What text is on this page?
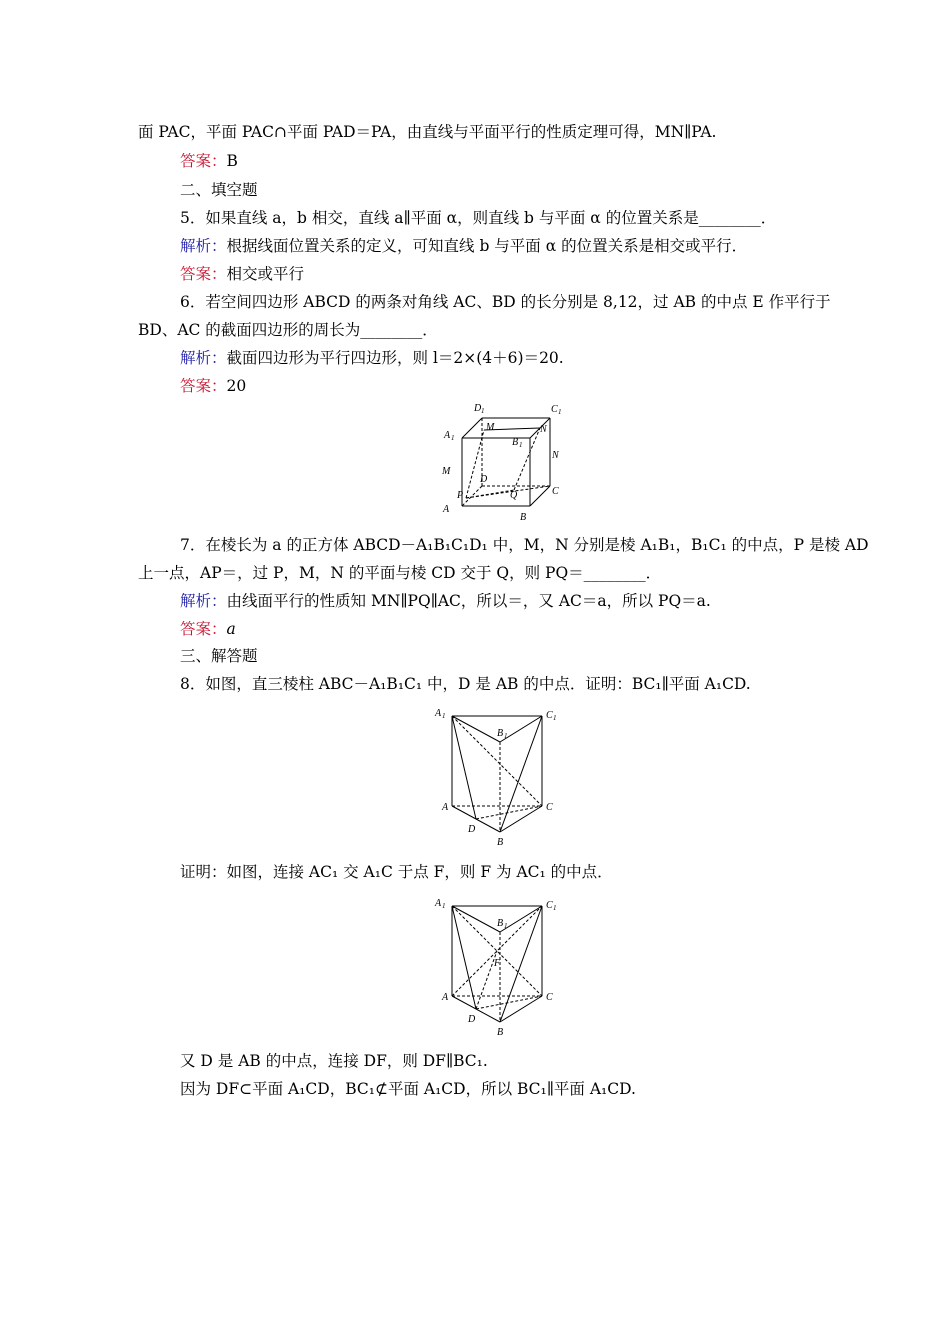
面 PAC，平面 PAC∩平面 PAD＝PA，由直线与平面平行的性质定理可得，MN∥PA.
答案：B
二、填空题
5．如果直线 a，b 相交，直线 a∥平面 α，则直线 b 与平面 α 的位置关系是________．
解析：根据线面位置关系的定义，可知直线 b 与平面 α 的位置关系是相交或平行．
答案：相交或平行
6．若空间四边形 ABCD 的两条对角线 AC、BD 的长分别是 8,12，过 AB 的中点 E 作平行于
BD、AC 的截面四边形的周长为________．
解析：截面四边形为平行四边形，则 l＝2×(4＋6)＝20.
答案：20
D 1	C 1
A 1	B 1
M	N
N
M
D
P	Q	C
A
B
7．在棱长为 a 的正方体 ABCD－A₁B₁C₁D₁ 中，M，N 分别是棱 A₁B₁，B₁C₁ 的中点，P 是棱 AD
上一点，AP＝，过 P，M，N 的平面与棱 CD 交于 Q，则 PQ＝________．
解析：由线面平行的性质知 MN∥PQ∥AC，所以＝，又 AC＝a，所以 PQ＝a.
答案：a
三、解答题
8．如图，直三棱柱 ABC－A₁B₁C₁ 中，D 是 AB 的中点．证明：BC₁∥平面 A₁CD.
A 1	C 1
B 1
A	C
D
B
证明：如图，连接 AC₁ 交 A₁C 于点 F，则 F 为 AC₁ 的中点．
A 1	C 1
B 1
F
A	C
D
B
又 D 是 AB 的中点，连接 DF，则 DF∥BC₁.
因为 DF⊂平面 A₁CD，BC₁⊄平面 A₁CD，所以 BC₁∥平面 A₁CD.
